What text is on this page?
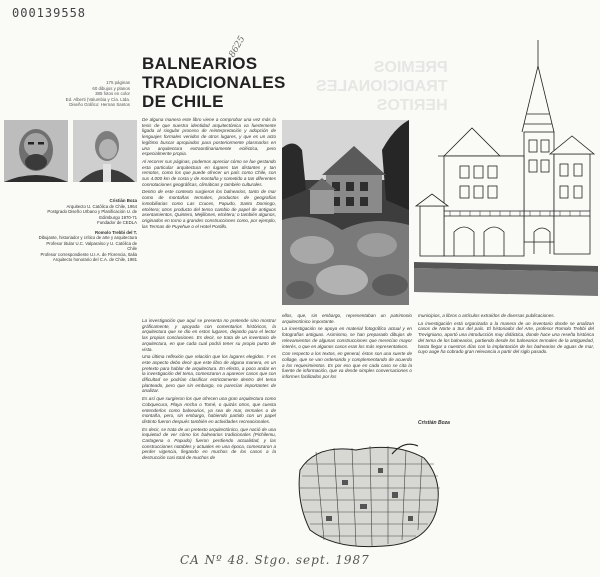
000139558
8625
PREMIOS
TRADICIONALES
HERITOS
BALNEARIOS
TRADICIONALES
DE CHILE
175 páginas
60 dibujos y planos
385 fotos en color
Ed. Alberti (Valumbia y Cía. Ltda.
Diseño Gráfico: Hernan Santos
Cristián Boza
Arquitecto U. Católica de Chile, 1964
Postgrado Diseño Urbano y Planificación U. de
Edimburgo 1970-71
Fundador de CEDLA
Romolo Trebbi del T.
Dibujante, historiador y crítico de arte y arquitectura
Profesor titular U.C. Valparaíso y U. Católica de
Chile
Profesor correspondiente U.I.A. de Florencia, Italia
Arquitecto honorario del C.A. de Chile, 1981

De alguna manera este libro viene a comprobar una vez más la tesis de que nuestra identidad arquitectónica va fuertemente ligada al singular proceso de reinterpretación y adopción de lenguajes formales venidos de otros lugares, y que es un acto legítimo buscar apropiados para posteriormente plasmarlos en una arquitectura extraordinariamente ecléctica, pero especialmente propia.

Al recorrer sus páginas, podemos apreciar cómo se fue gestando esta particular arquitectura en lugares tan distantes y tan remotos, como los que puede ofrecer un país como Chile, con sus 4.000 km de costa y de montaña y sometido a tan diferentes connotaciones geográficas, climáticas y también culturales.

Dentro de este contexto surgieron los balnearios, tanto de mar como de montañas termales, productos de geografías inmobiliarias como Las Cruces, Papudo, Santo Domingo, etcétera; otros producto del tenso cambio de papel de antiguos asentamientos, Quintero, Mejillones, etcétera; o también algunos, originados en torno a grandes construcciones como, por ejemplo, las Termas de Puyehue o el Hotel Portillo.

La investigación que aquí se presenta no pretende sino mostrar gráficamente, y apoyada con comentarios históricos, la arquitectura que se dio en estos lugares, dejando para el lector las propias conclusiones. Es decir, se trata de un inventario de arquitectura, en que cada cual podrá tener su propio punto de vista.

Una última reflexión que relación que los lugares elegidos. Y es este aspecto debo decir que este libro de alguna manera, es un pretexto para hablar de arquitectura. En efecto, a poco andar en la investigación del tema, comenzaron a aparecer casos que con dificultad se podrían clasificar estrictamente dentro del tema planteado, pero que sin embargo, no parecían importantes de analizar.

Es así que surgieron los que ofrecen una gran arquitectura como Cobquecura, Playa Ancha o Tomé, o quizás otros, que cuesta entenderlos como balnearios, ya sea de mar, termales o de montaña, pero, sin embargo, habiendo partido con un papel distinto fueron después también en actividades recreacionales.

Es decir, se trata de un pretexto arquitectónico, que nació de una inquietud de ver cómo los balnearios tradicionales (Pichilemu, Cartagena o Papudo) fueron perdiendo actualidad, y las construcciones notables y actuales en una época, comenzaron a perder vigencia, llegando en muchos de los casos a la destrucción casi total de muchos de

ellos, que, sin embargo, representaban un patrimonio arquitectónico importante.

La investigación se apoya en material fotográfico actual y en fotografías antiguas. Asimismo, se han preparado dibujos de relevamientos de algunas construcciones que merecían mayor interés, o que en algunos casos eran los más representativos.

Con respecto a los textos, en general, éstos son una suerte de collage, que se van ordenando y complementando de acuerdo a los requerimientos. Es por eso que en cada caso se cita la fuente de información, que va desde simples conversaciones o informes facilitados por los

municipios, a libros o artículos extraídos de diversas publicaciones.

La investigación está organizada a la manera de un inventario donde se analizan casos de Norte a Sur del país. El historiador del Arte, profesor Romolo Trebbi del Trevigniano, aportó una introducción muy didáctica, donde hace una reseña histórica del tema de los balnearios, partiendo desde los balnearios termales de la antigüedad, hasta llegar a nuestros días con la implantación de los balnearios de aguas de mar, cuyo auge ha cobrado gran relevancia a partir del siglo pasado.

Cristián Boza
CA Nº 48. Stgo. sept. 1987
